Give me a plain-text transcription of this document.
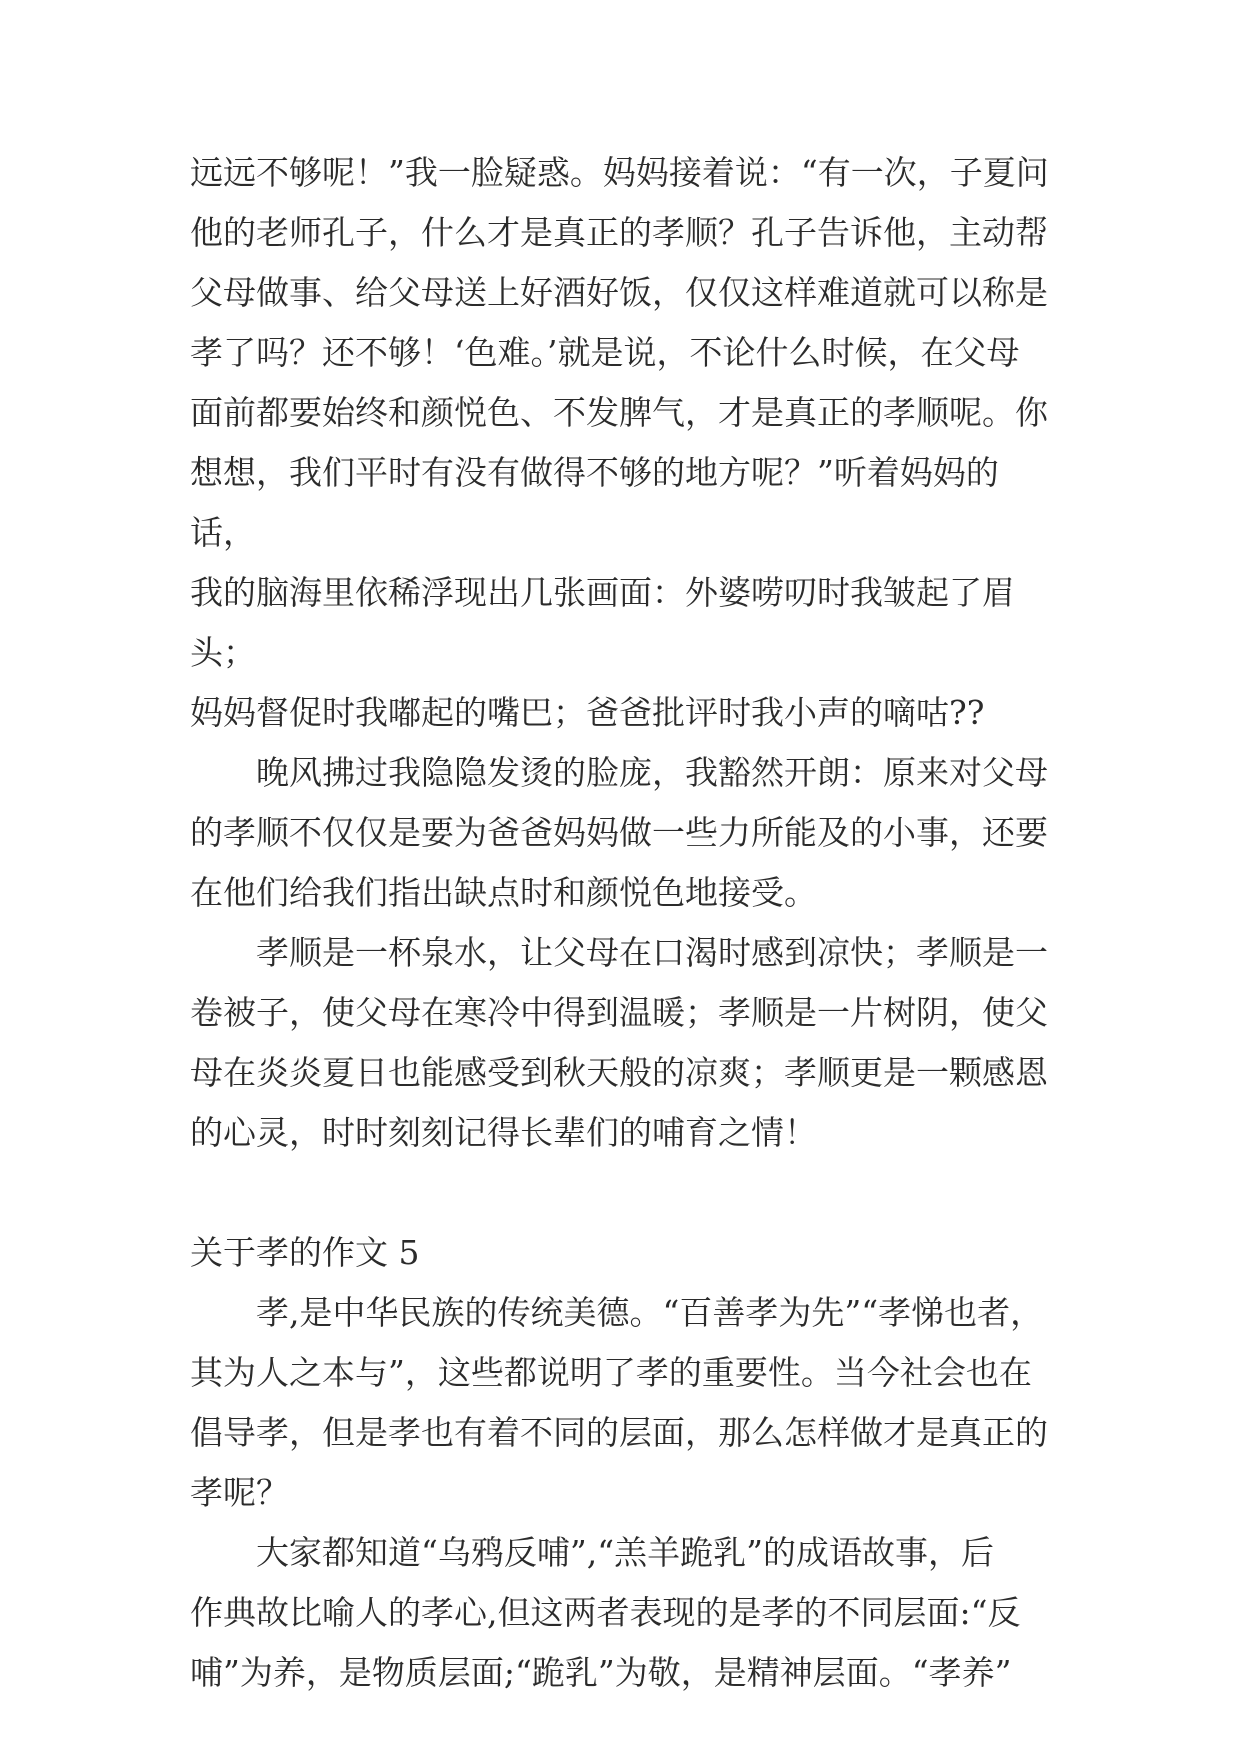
远远不够呢！”我一脸疑惑。妈妈接着说：“有一次，子夏问
他的老师孔子，什么才是真正的孝顺？孔子告诉他，主动帮
父母做事、给父母送上好酒好饭，仅仅这样难道就可以称是
孝了吗？还不够！‘色难。’就是说，不论什么时候，在父母
面前都要始终和颜悦色、不发脾气，才是真正的孝顺呢。你
想想，我们平时有没有做得不够的地方呢？”听着妈妈的话，
我的脑海里依稀浮现出几张画面：外婆唠叨时我皱起了眉头；
妈妈督促时我嘟起的嘴巴；爸爸批评时我小声的嘀咕??

晚风拂过我隐隐发烫的脸庞，我豁然开朗：原来对父母
的孝顺不仅仅是要为爸爸妈妈做一些力所能及的小事，还要
在他们给我们指出缺点时和颜悦色地接受。

孝顺是一杯泉水，让父母在口渴时感到凉快；孝顺是一
卷被子，使父母在寒冷中得到温暖；孝顺是一片树阴，使父
母在炎炎夏日也能感受到秋天般的凉爽；孝顺更是一颗感恩
的心灵，时时刻刻记得长辈们的哺育之情！

关于孝的作文 5

孝,是中华民族的传统美德。“百善孝为先”“孝悌也者，
其为人之本与”，这些都说明了孝的重要性。当今社会也在
倡导孝，但是孝也有着不同的层面，那么怎样做才是真正的
孝呢？

大家都知道“乌鸦反哺”,“羔羊跪乳”的成语故事，后
作典故比喻人的孝心,但这两者表现的是孝的不同层面:“反
哺”为养，是物质层面;“跪乳”为敬，是精神层面。“孝养”
